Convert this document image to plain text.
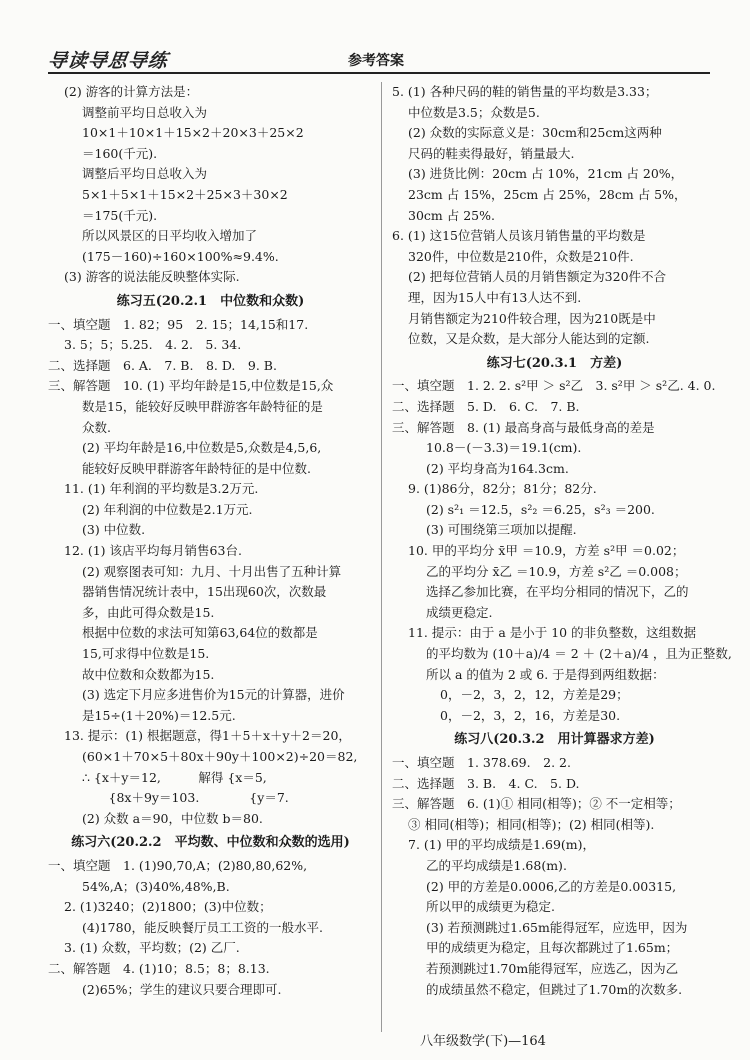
导读导思导练	参考答案
(2) 游客的计算方法是：
调整前平均日总收入为
10×1＋10×1＋15×2＋20×3＋25×2
＝160(千元).
调整后平均日总收入为
5×1＋5×1＋15×2＋25×3＋30×2
＝175(千元).
所以风景区的日平均收入增加了
(175－160)÷160×100%≈9.4%.
(3) 游客的说法能反映整体实际.
练习五(20.2.1　中位数和众数)
一、填空题　1. 82；95　2. 15；14,15和17.
3. 5；5；5.25.　4. 2.　5. 34.
二、选择题　6. A.　7. B.　8. D.　9. B.
三、解答题　10. (1) 平均年龄是15,中位数是15,众
数是15，能较好反映甲群游客年龄特征的是
众数.
(2) 平均年龄是16,中位数是5,众数是4,5,6,
能较好反映甲群游客年龄特征的是中位数.
11. (1) 年利润的平均数是3.2万元.
(2) 年利润的中位数是2.1万元.
(3) 中位数.
12. (1) 该店平均每月销售63台.
(2) 观察图表可知：九月、十月出售了五种计算
器销售情况统计表中，15出现60次，次数最
多，由此可得众数是15.
根据中位数的求法可知第63,64位的数都是
15,可求得中位数是15.
故中位数和众数都为15.
(3) 选定下月应多进售价为15元的计算器，进价
是15÷(1＋20%)＝12.5元.
13. 提示：(1) 根据题意，得1＋5＋x＋y＋2＝20，
(60×1＋70×5＋80x＋90y＋100×2)÷20＝82,
∴ {x＋y＝12,　　　解得 {x＝5,
　{8x＋9y＝103.　　　　{y＝7.
(2) 众数 a＝90，中位数 b＝80.
练习六(20.2.2　平均数、中位数和众数的选用)
一、填空题　1. (1)90,70,A；(2)80,80,62%,
54%,A；(3)40%,48%,B.
2. (1)3240；(2)1800；(3)中位数；
(4)1780，能反映餐厅员工工资的一般水平.
3. (1) 众数，平均数；(2) 乙厂.
二、解答题　4. (1)10；8.5；8；8.13.
(2)65%；学生的建议只要合理即可.
5. (1) 各种尺码的鞋的销售量的平均数是3.33；
中位数是3.5；众数是5.
(2) 众数的实际意义是：30cm和25cm这两种
尺码的鞋卖得最好，销量最大.
(3) 进货比例：20cm 占 10%，21cm 占 20%，
23cm 占 15%，25cm 占 25%，28cm 占 5%，
30cm 占 25%.
6. (1) 这15位营销人员该月销售量的平均数是
320件，中位数是210件，众数是210件.
(2) 把每位营销人员的月销售额定为320件不合
理，因为15人中有13人达不到.
月销售额定为210件较合理，因为210既是中
位数，又是众数，是大部分人能达到的定额.
练习七(20.3.1　方差)
一、填空题　1. 2. 2. s²甲 ＞ s²乙　3. s²甲 ＞ s²乙. 4. 0.
二、选择题　5. D.　6. C.　7. B.
三、解答题　8. (1) 最高身高与最低身高的差是
10.8－(－3.3)＝19.1(cm).
(2) 平均身高为164.3cm.
9. (1)86分，82分；81分；82分.
(2) s²₁ ＝12.5，s²₂ ＝6.25，s²₃ ＝200.
(3) 可围绕第三项加以提醒.
10. 甲的平均分 x̄甲 ＝10.9，方差 s²甲 ＝0.02；
乙的平均分 x̄乙 ＝10.9，方差 s²乙 ＝0.008；
选择乙参加比赛，在平均分相同的情况下，乙的
成绩更稳定.
11. 提示：由于 a 是小于 10 的非负整数，这组数据
的平均数为 (10＋a)/4 ＝ 2 ＋ (2＋a)/4 ，且为正整数,
所以 a 的值为 2 或 6. 于是得到两组数据：
0，－2，3，2，12，方差是29；
0，－2，3，2，16，方差是30.
练习八(20.3.2　用计算器求方差)
一、填空题　1. 378.69.　2. 2.
二、选择题　3. B.　4. C.　5. D.
三、解答题　6. (1)① 相同(相等)；② 不一定相等；
③ 相同(相等)；相同(相等)；(2) 相同(相等).
7. (1) 甲的平均成绩是1.69(m)，
乙的平均成绩是1.68(m).
(2) 甲的方差是0.0006,乙的方差是0.00315,
所以甲的成绩更为稳定.
(3) 若预测跳过1.65m能得冠军，应选甲，因为
甲的成绩更为稳定，且每次都跳过了1.65m；
若预测跳过1.70m能得冠军，应选乙，因为乙
的成绩虽然不稳定，但跳过了1.70m的次数多.
八年级数学(下)—164
